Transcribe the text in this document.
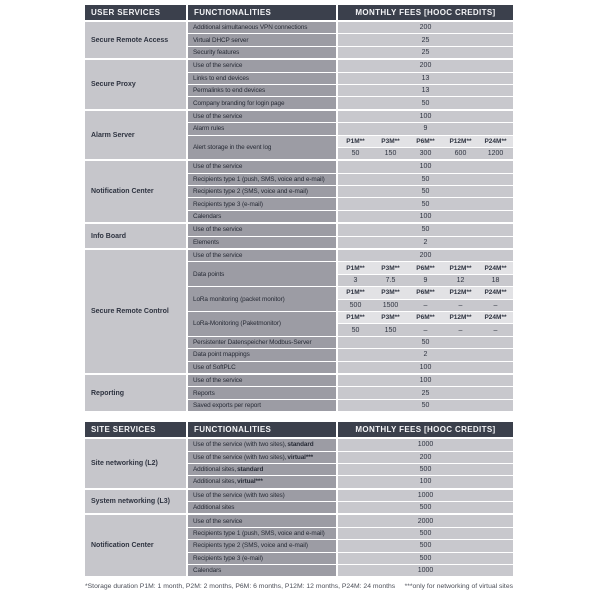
USER SERVICES	FUNCTIONALITIES	MONTHLY FEES [HOOC CREDITS]
Secure Remote Access
Additional simultaneous VPN connections	200
Virtual DHCP server	25
Security features	25
Secure Proxy
Use of the service	200
Links to end devices	13
Permalinks to end devices	13
Company branding for login page	50
Alarm Server
Use of the service	100
Alarm rules	9
Alert storage in the event log
P1M**	P3M**	P6M**	P12M**	P24M**
50	150	300	600	1200
Notification Center
Use of the service	100
Recipients type 1 (push, SMS, voice and e-mail)	50
Recipients type 2 (SMS, voice and e-mail)	50
Recipients type 3 (e-mail)	50
Calendars	100
Info Board
Use of the service	50
Elements	2
Secure Remote Control
Use of the service	200
Data points
P1M**	P3M**	P6M**	P12M**	P24M**
3	7.5	9	12	18
LoRa monitoring (packet monitor)
P1M**	P3M**	P6M**	P12M**	P24M**
500	1500	–	–	–
LoRa-Monitoring (Paketmonitor)
P1M**	P3M**	P6M**	P12M**	P24M**
50	150	–	–	–
Persistenter Datenspeicher Modbus-Server	50
Data point mappings	2
Use of SoftPLC	100
Reporting
Use of the service	100
Reports	25
Saved exports per report	50
SITE SERVICES	FUNCTIONALITIES	MONTHLY FEES [HOOC CREDITS]
Site networking (L2)
Use of the service (with two sites), standard	1000
Use of the service (with two sites), virtual***	200
Additional sites, standard	500
Additional sites, virtual***	100
System networking (L3)
Use of the service (with two sites)	1000
Additional sites	500
Notification Center
Use of the service	2000
Recipients type 1 (push, SMS, voice and e-mail)	500
Recipients type 2 (SMS, voice and e-mail)	500
Recipients type 3 (e-mail)	500
Calendars	1000
*Storage duration P1M: 1 month, P2M: 2 months, P6M: 6 months, P12M: 12 months, P24M: 24 months ***only for networking of virtual sites
